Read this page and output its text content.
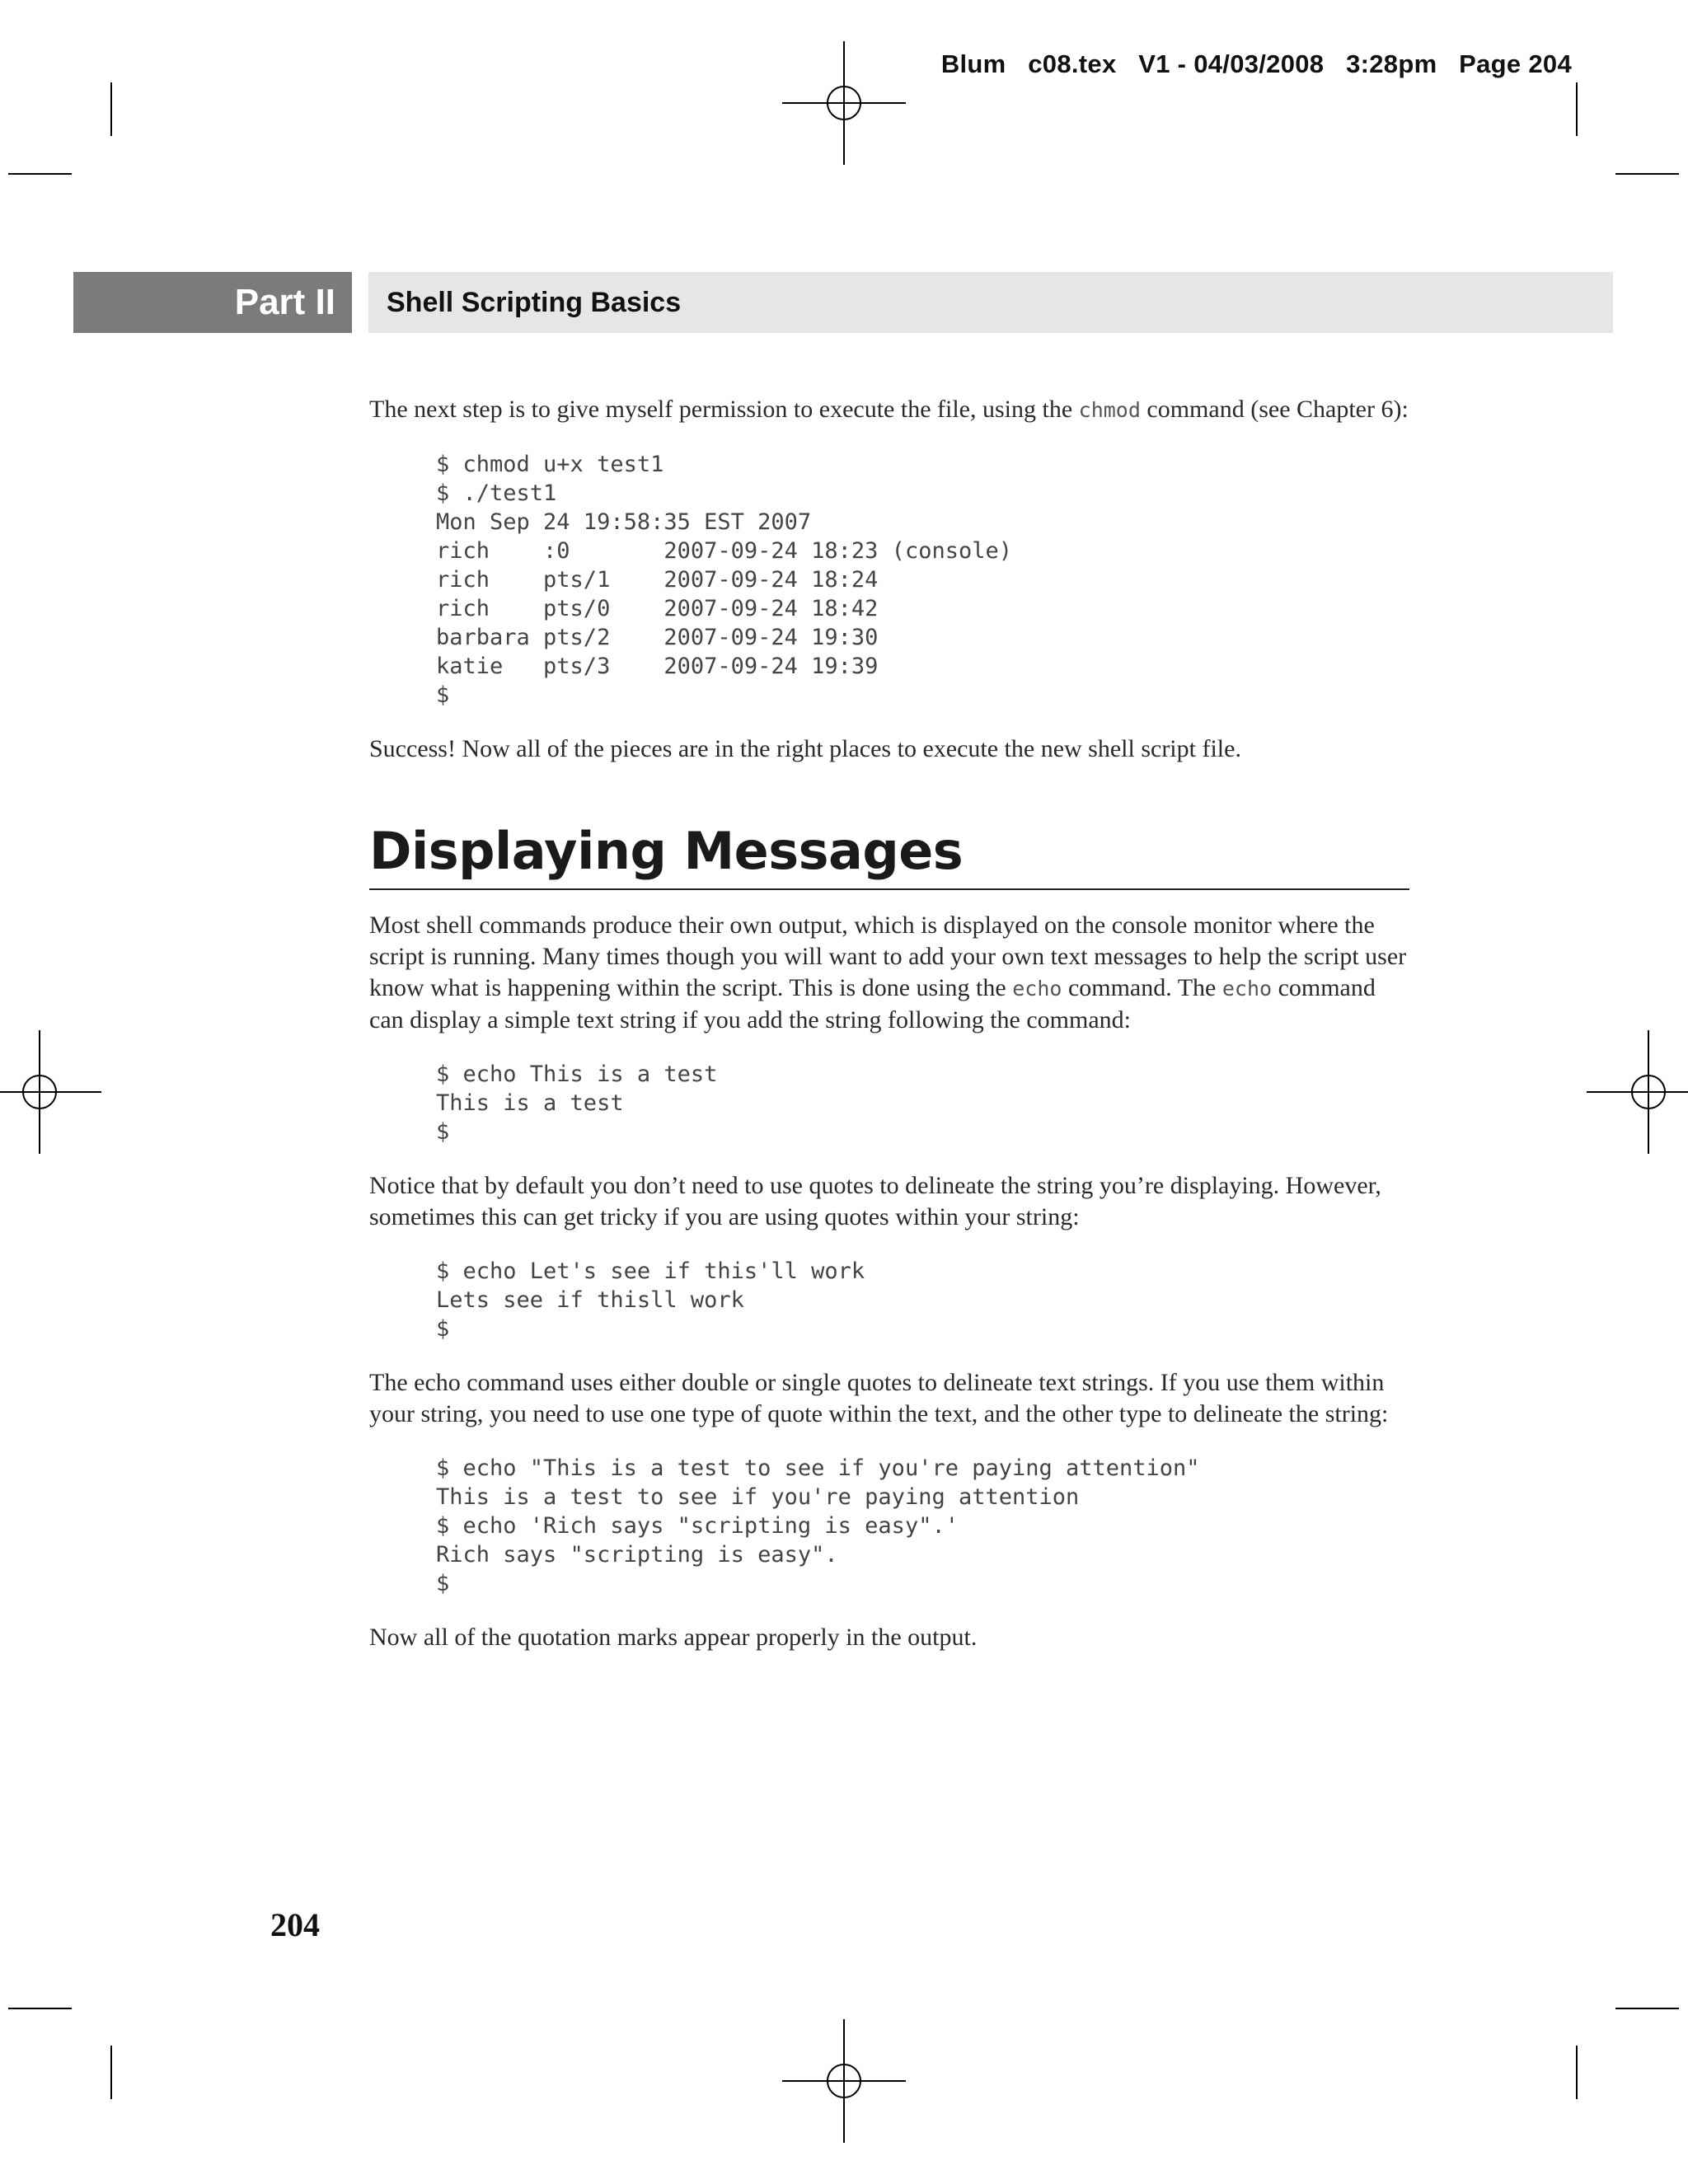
Blum   c08.tex   V1 - 04/03/2008   3:28pm   Page 204
Part II	Shell Scripting Basics

The next step is to give myself permission to execute the file, using the chmod command (see Chapter 6):

$ chmod u+x test1
$ ./test1
Mon Sep 24 19:58:35 EST 2007
rich    :0       2007-09-24 18:23 (console)
rich    pts/1    2007-09-24 18:24
rich    pts/0    2007-09-24 18:42
barbara pts/2    2007-09-24 19:30
katie   pts/3    2007-09-24 19:39
$

Success! Now all of the pieces are in the right places to execute the new shell script file.

Displaying Messages

Most shell commands produce their own output, which is displayed on the console monitor where the script is running. Many times though you will want to add your own text messages to help the script user know what is happening within the script. This is done using the echo command. The echo command can display a simple text string if you add the string following the command:

$ echo This is a test
This is a test
$

Notice that by default you don’t need to use quotes to delineate the string you’re displaying. However, sometimes this can get tricky if you are using quotes within your string:

$ echo Let's see if this'll work
Lets see if thisll work
$

The echo command uses either double or single quotes to delineate text strings. If you use them within your string, you need to use one type of quote within the text, and the other type to delineate the string:

$ echo "This is a test to see if you're paying attention"
This is a test to see if you're paying attention
$ echo 'Rich says "scripting is easy".'
Rich says "scripting is easy".
$

Now all of the quotation marks appear properly in the output.

204
